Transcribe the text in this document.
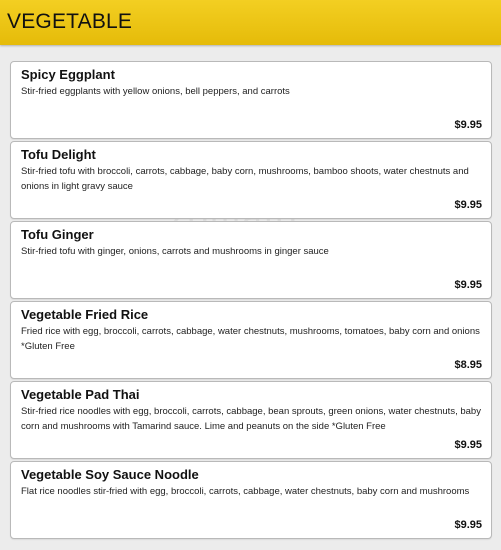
VEGETABLE
Spicy Eggplant
Stir-fried eggplants with yellow onions, bell peppers, and carrots
$9.95
Tofu Delight
Stir-fried tofu with broccoli, carrots, cabbage, baby corn, mushrooms, bamboo shoots, water chestnuts and onions in light gravy sauce
$9.95
Tofu Ginger
Stir-fried tofu with ginger, onions, carrots and mushrooms in ginger sauce
$9.95
Vegetable Fried Rice
Fried rice with egg, broccoli, carrots, cabbage, water chestnuts, mushrooms, tomatoes, baby corn and onions *Gluten Free
$8.95
Vegetable Pad Thai
Stir-fried rice noodles with egg, broccoli, carrots, cabbage, bean sprouts, green onions, water chestnuts, baby corn and mushrooms with Tamarind sauce. Lime and peanuts on the side *Gluten Free
$9.95
Vegetable Soy Sauce Noodle
Flat rice noodles stir-fried with egg, broccoli, carrots, cabbage, water chestnuts, baby corn and mushrooms
$9.95
